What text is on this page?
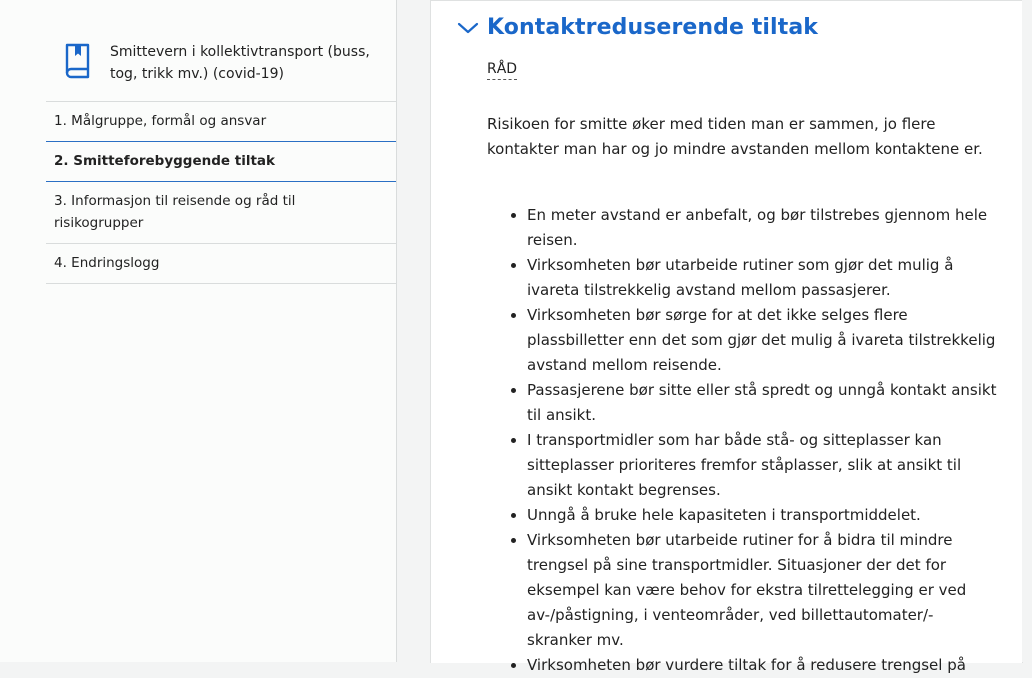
Smittevern i kollektivtransport (buss, tog, trikk mv.) (covid-19)
1. Målgruppe, formål og ansvar
2. Smitteforebyggende tiltak
3. Informasjon til reisende og råd til risikogrupper
4. Endringslogg
Kontaktreduserende tiltak
RÅD

Risikoen for smitte øker med tiden man er sammen, jo flere kontakter man har og jo mindre avstanden mellom kontaktene er.

• En meter avstand er anbefalt, og bør tilstrebes gjennom hele reisen.
• Virksomheten bør utarbeide rutiner som gjør det mulig å ivareta tilstrekkelig avstand mellom passasjerer.
• Virksomheten bør sørge for at det ikke selges flere plassbilletter enn det som gjør det mulig å ivareta tilstrekkelig avstand mellom reisende.
• Passasjerene bør sitte eller stå spredt og unngå kontakt ansikt til ansikt.
• I transportmidler som har både stå- og sitteplasser kan sitteplasser prioriteres fremfor ståplasser, slik at ansikt til ansikt kontakt begrenses.
• Unngå å bruke hele kapasiteten i transportmiddelet.
• Virksomheten bør utarbeide rutiner for å bidra til mindre trengsel på sine transportmidler. Situasjoner der det for eksempel kan være behov for ekstra tilrettelegging er ved av-/påstigning, i venteområder, ved billettautomater/-skranker mv.
• Virksomheten bør vurdere tiltak for å redusere trengsel på
